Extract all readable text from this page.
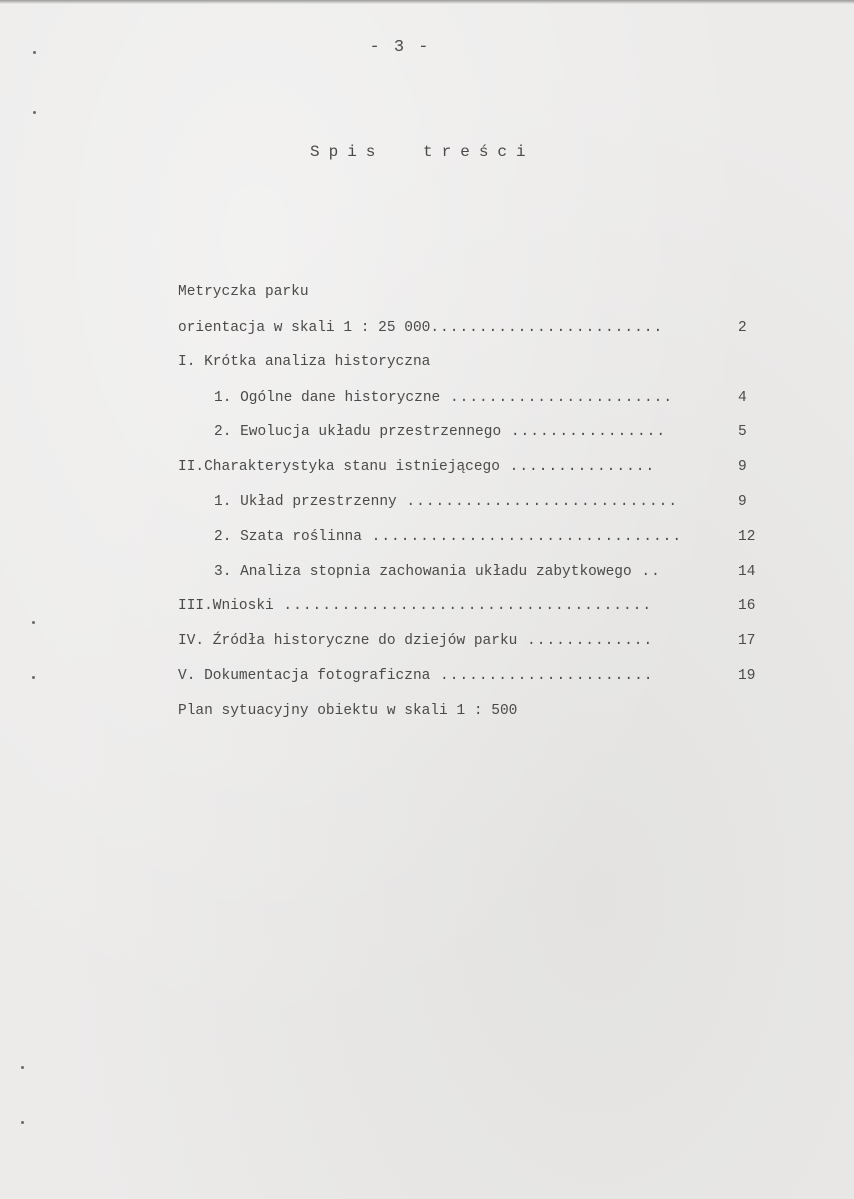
- 3 -
Spis treści
Metryczka parku
orientacja w skali 1 : 25 000........................	2
I. Krótka analiza historyczna
1. Ogólne dane historyczne .......................	4
2. Ewolucja układu przestrzennego ................	5
II.Charakterystyka stanu istniejącego ...............	9
1. Układ przestrzenny ............................	9
2. Szata roślinna ................................	12
3. Analiza stopnia zachowania układu zabytkowego ..	14
III.Wnioski ......................................	16
IV. Źródła historyczne do dziejów parku .............	17
V. Dokumentacja fotograficzna ......................	19
Plan sytuacyjny obiektu w skali 1 : 500
